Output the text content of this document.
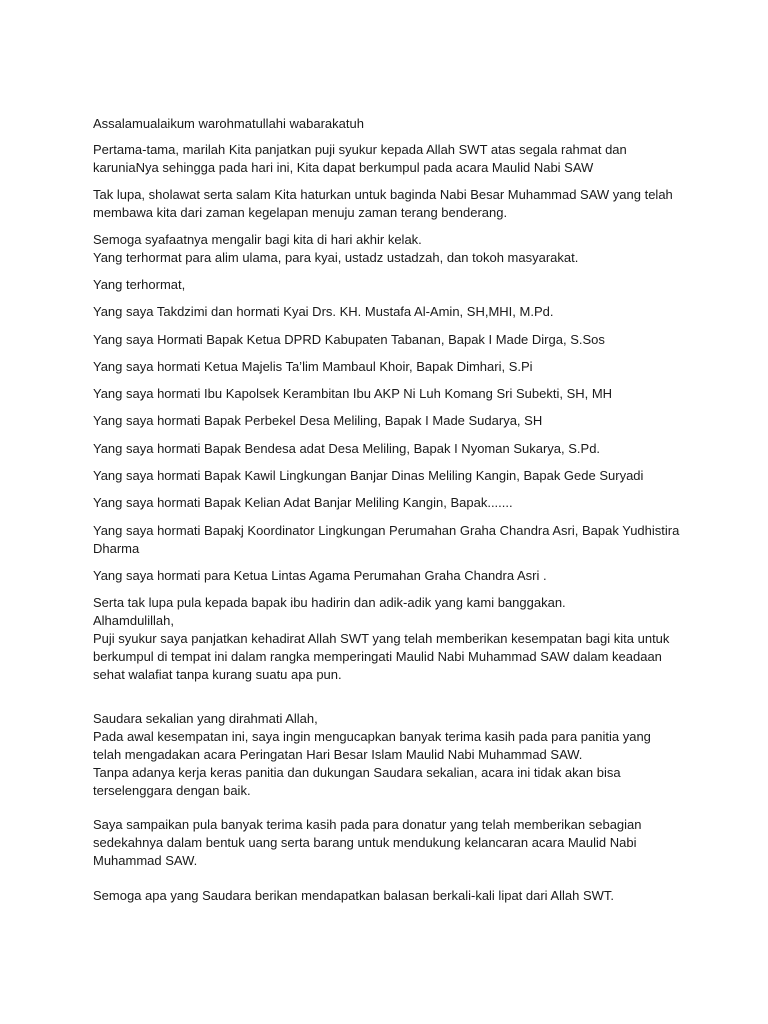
Assalamualaikum warohmatullahi wabarakatuh
Pertama-tama, marilah Kita panjatkan puji syukur kepada Allah SWT atas segala rahmat dan
karuniaNya sehingga pada hari ini, Kita dapat berkumpul pada acara Maulid Nabi SAW
Tak lupa, sholawat serta salam Kita haturkan untuk baginda Nabi Besar Muhammad SAW yang telah
membawa kita dari zaman kegelapan menuju zaman terang benderang.
Semoga syafaatnya mengalir bagi kita di hari akhir kelak.
Yang terhormat para alim ulama, para kyai, ustadz ustadzah, dan tokoh masyarakat.
Yang terhormat,
Yang saya Takdzimi dan hormati Kyai Drs. KH. Mustafa Al-Amin, SH,MHI, M.Pd.
Yang saya Hormati Bapak Ketua DPRD Kabupaten Tabanan, Bapak I Made Dirga, S.Sos
Yang saya hormati Ketua Majelis Ta’lim Mambaul Khoir, Bapak Dimhari, S.Pi
Yang saya hormati Ibu Kapolsek Kerambitan Ibu AKP Ni Luh Komang Sri Subekti, SH, MH
Yang saya hormati Bapak Perbekel Desa Meliling, Bapak I Made Sudarya, SH
Yang saya hormati Bapak Bendesa adat Desa Meliling, Bapak I Nyoman Sukarya, S.Pd.
Yang saya hormati Bapak Kawil Lingkungan Banjar Dinas Meliling Kangin, Bapak Gede Suryadi
Yang saya hormati Bapak Kelian Adat Banjar Meliling Kangin, Bapak.......
Yang saya hormati Bapakj Koordinator Lingkungan Perumahan Graha Chandra Asri, Bapak Yudhistira
Dharma
Yang saya hormati para Ketua Lintas Agama Perumahan Graha Chandra Asri .
Serta tak lupa pula kepada bapak ibu hadirin dan adik-adik yang kami banggakan.
Alhamdulillah,
Puji syukur saya panjatkan kehadirat Allah SWT yang telah memberikan kesempatan bagi kita untuk
berkumpul di tempat ini dalam rangka memperingati Maulid Nabi Muhammad SAW dalam keadaan
sehat walafiat tanpa kurang suatu apa pun.
Saudara sekalian yang dirahmati Allah,
Pada awal kesempatan ini, saya ingin mengucapkan banyak terima kasih pada para panitia yang
telah mengadakan acara Peringatan Hari Besar Islam Maulid Nabi Muhammad SAW.
Tanpa adanya kerja keras panitia dan dukungan Saudara sekalian, acara ini tidak akan bisa
terselenggara dengan baik.
Saya sampaikan pula banyak terima kasih pada para donatur yang telah memberikan sebagian
sedekahnya dalam bentuk uang serta barang untuk mendukung kelancaran acara Maulid Nabi
Muhammad SAW.
Semoga apa yang Saudara berikan mendapatkan balasan berkali-kali lipat dari Allah SWT.
